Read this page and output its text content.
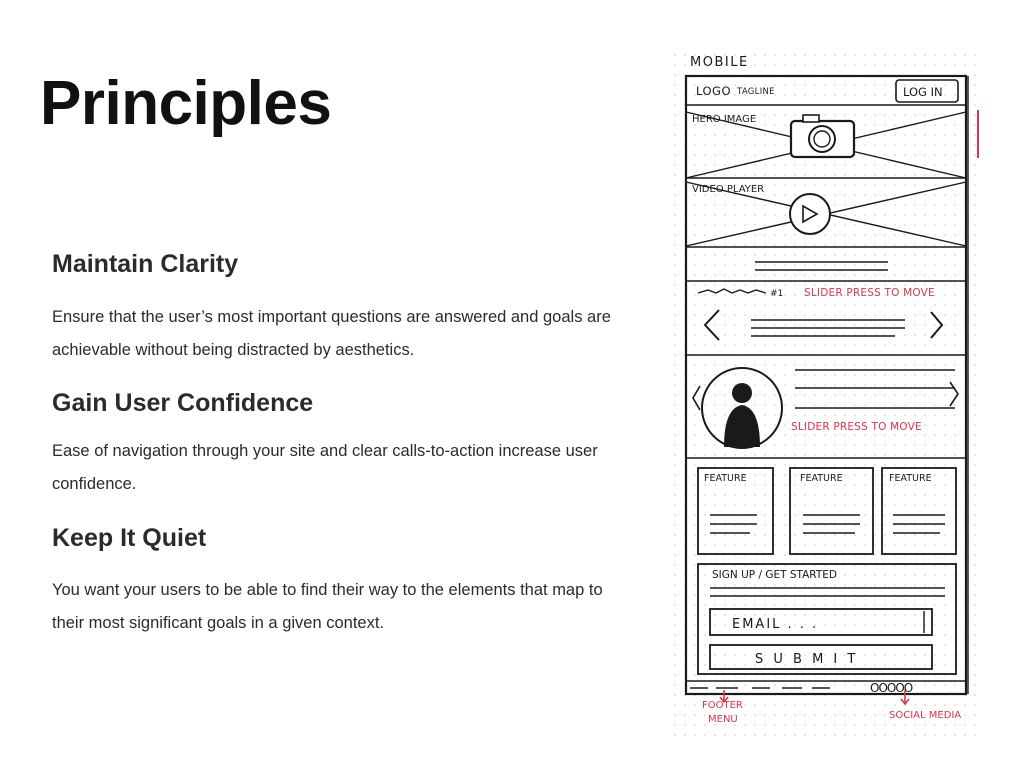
Principles
Maintain Clarity

Ensure that the user’s most important questions are answered and goals are achievable without being distracted by aesthetics.

Gain User Confidence

Ease of navigation through your site and clear calls-to-action increase user confidence.

Keep It Quiet

You want your users to be able to find their way to the elements that map to their most significant goals in a given context.

MOBILE
LOGO TAGLINE	LOG IN
HERO IMAGE
VIDEO PLAYER
#1 SLIDER PRESS TO MOVE
SLIDER PRESS TO MOVE
FEATURE	FEATURE	FEATURE
SIGN UP / GET STARTED
EMAIL . . .
S U B M I T
OOOOO
FOOTER
MENU	SOCIAL MEDIA
